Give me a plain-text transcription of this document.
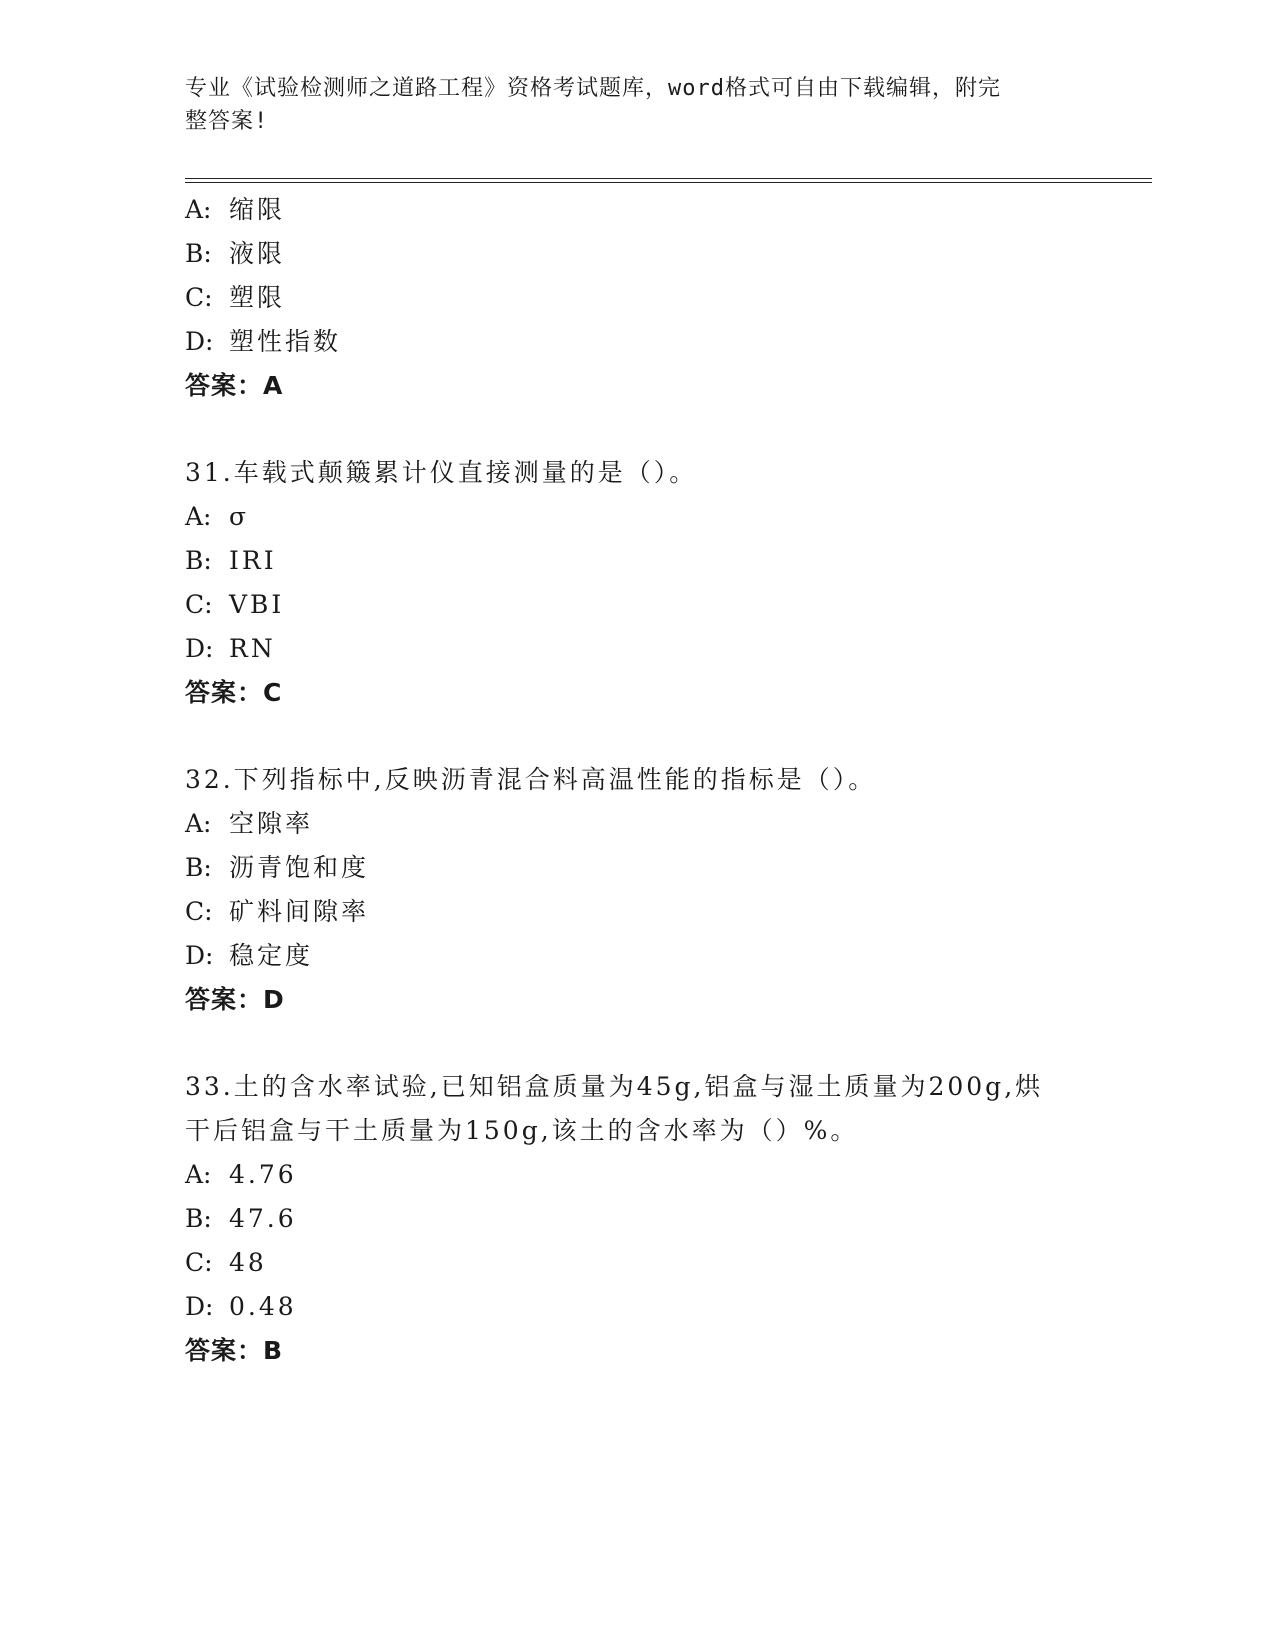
专业《试验检测师之道路工程》资格考试题库，word格式可自由下载编辑，附完
整答案!
A: 缩限
B: 液限
C: 塑限
D: 塑性指数
答案：A
31.车载式颠簸累计仪直接测量的是（）。
A: σ
B: IRI
C: VBI
D: RN
答案：C
32.下列指标中,反映沥青混合料高温性能的指标是（）。
A: 空隙率
B: 沥青饱和度
C: 矿料间隙率
D: 稳定度
答案：D
33.土的含水率试验,已知铝盒质量为45g,铝盒与湿土质量为200g,烘
干后铝盒与干土质量为150g,该土的含水率为（）%。
A: 4.76
B: 47.6
C: 48
D: 0.48
答案：B
